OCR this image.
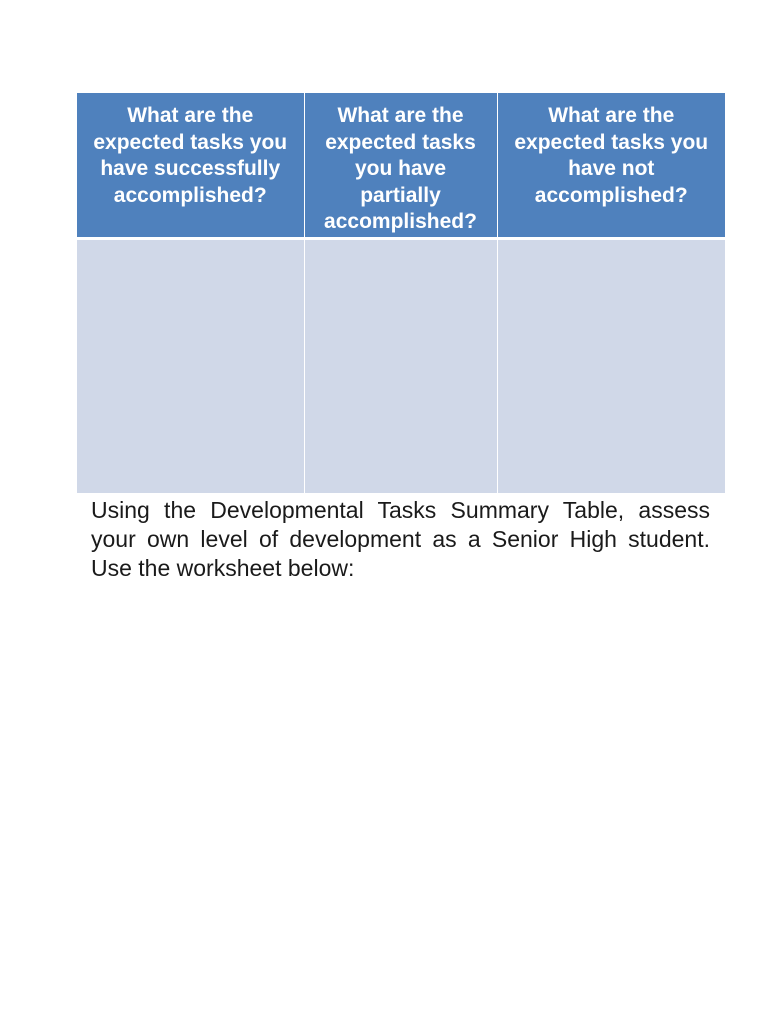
What are the expected tasks you have successfully accomplished?	What are the expected tasks you have partially accomplished?	What are the expected tasks you have not accomplished?

Using the Developmental Tasks Summary Table, assess your own level of development as a Senior High student. Use the worksheet below:
